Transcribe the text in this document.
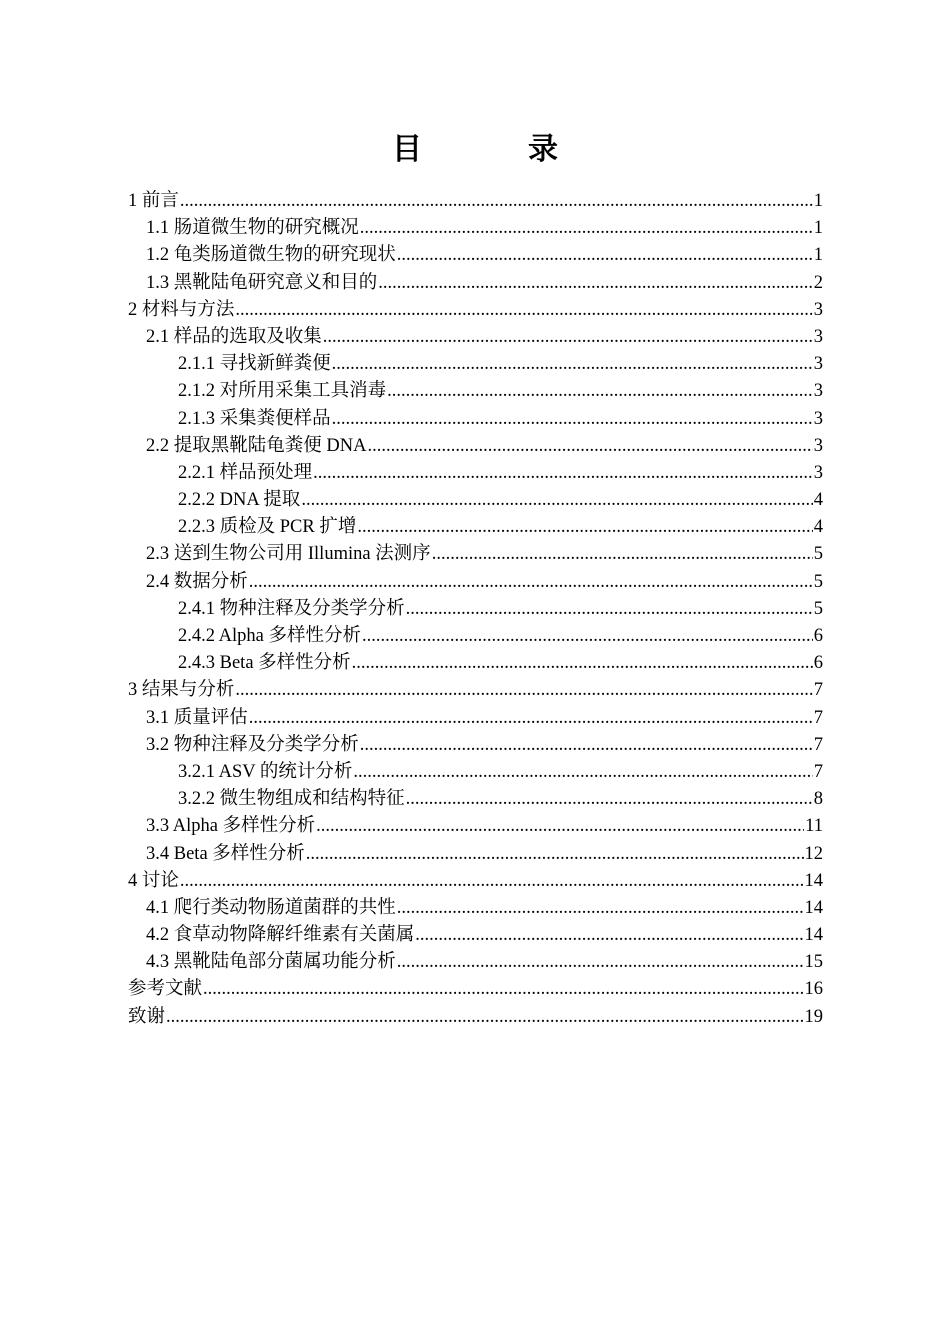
目　录
1 前言 .....	1
1.1 肠道微生物的研究概况 .....	1
1.2 龟类肠道微生物的研究现状 .....	1
1.3 黑靴陆龟研究意义和目的 .....	2
2 材料与方法 .....	3
2.1 样品的选取及收集 .....	3
2.1.1 寻找新鲜粪便 .....	3
2.1.2 对所用采集工具消毒 .....	3
2.1.3 采集粪便样品 .....	3
2.2 提取黑靴陆龟粪便 DNA .....	3
2.2.1 样品预处理 .....	3
2.2.2 DNA 提取 .....	4
2.2.3 质检及 PCR 扩增 .....	4
2.3 送到生物公司用 Illumina 法测序 .....	5
2.4 数据分析 .....	5
2.4.1 物种注释及分类学分析 .....	5
2.4.2 Alpha 多样性分析 .....	6
2.4.3 Beta 多样性分析 .....	6
3 结果与分析 .....	7
3.1 质量评估 .....	7
3.2 物种注释及分类学分析 .....	7
3.2.1 ASV 的统计分析 .....	7
3.2.2 微生物组成和结构特征 .....	8
3.3 Alpha 多样性分析 .....	11
3.4 Beta 多样性分析 .....	12
4 讨论 .....	14
4.1 爬行类动物肠道菌群的共性 .....	14
4.2 食草动物降解纤维素有关菌属 .....	14
4.3 黑靴陆龟部分菌属功能分析 .....	15
参考文献 .....	16
致谢 .....	19
